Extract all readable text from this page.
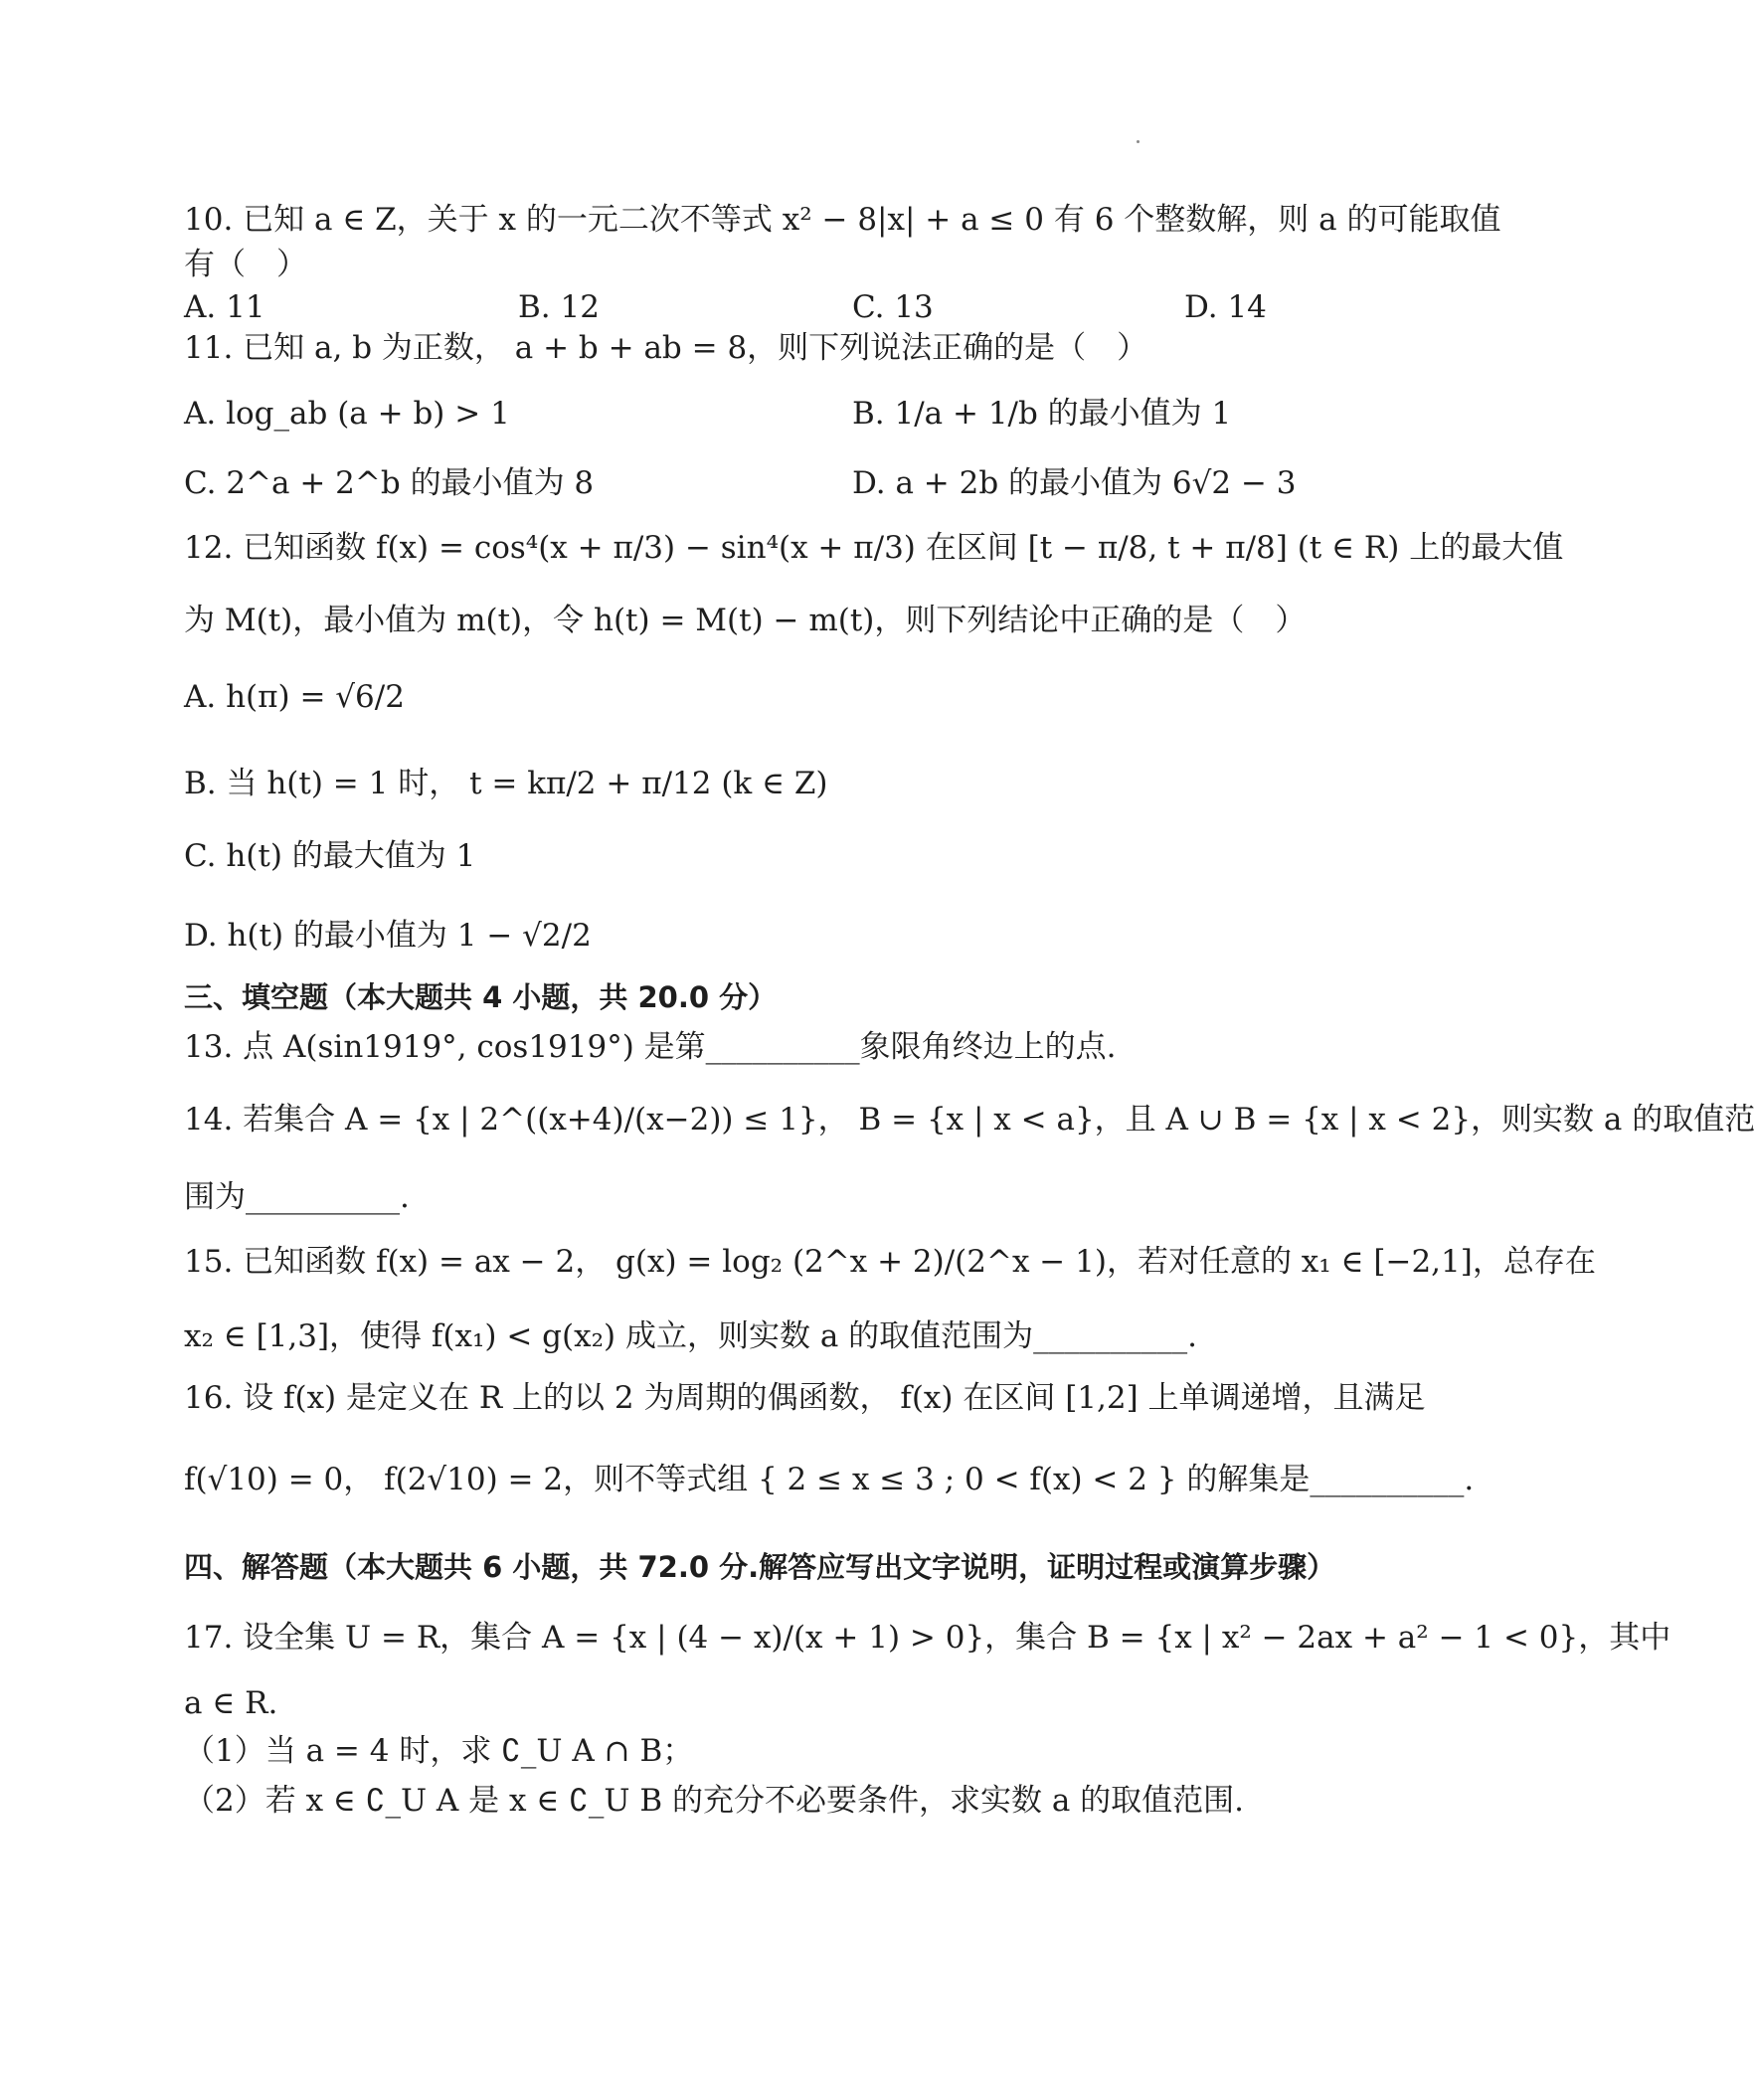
10. 已知 a ∈ Z，关于 x 的一元二次不等式 x² − 8|x| + a ≤ 0 有 6 个整数解，则 a 的可能取值
有（　）
A. 11	B. 12	C. 13	D. 14
11. 已知 a, b 为正数， a + b + ab = 8，则下列说法正确的是（　）
A. log_ab (a + b) > 1	B. 1/a + 1/b 的最小值为 1
C. 2^a + 2^b 的最小值为 8	D. a + 2b 的最小值为 6√2 − 3
12. 已知函数 f(x) = cos⁴(x + π/3) − sin⁴(x + π/3) 在区间 [t − π/8, t + π/8] (t ∈ R) 上的最大值
为 M(t)，最小值为 m(t)，令 h(t) = M(t) − m(t)，则下列结论中正确的是（　）
A. h(π) = √6/2
B. 当 h(t) = 1 时， t = kπ/2 + π/12 (k ∈ Z)
C. h(t) 的最大值为 1
D. h(t) 的最小值为 1 − √2/2
三、填空题（本大题共 4 小题，共 20.0 分）
13. 点 A(sin1919°, cos1919°) 是第__________象限角终边上的点.
14. 若集合 A = {x | 2^((x+4)/(x−2)) ≤ 1}， B = {x | x < a}，且 A ∪ B = {x | x < 2}，则实数 a 的取值范
围为__________.
15. 已知函数 f(x) = ax − 2， g(x) = log₂ (2^x + 2)/(2^x − 1)，若对任意的 x₁ ∈ [−2,1]，总存在
x₂ ∈ [1,3]，使得 f(x₁) < g(x₂) 成立，则实数 a 的取值范围为__________.
16. 设 f(x) 是定义在 R 上的以 2 为周期的偶函数， f(x) 在区间 [1,2] 上单调递增，且满足
f(√10) = 0， f(2√10) = 2，则不等式组 { 2 ≤ x ≤ 3 ; 0 < f(x) < 2 } 的解集是__________.
四、解答题（本大题共 6 小题，共 72.0 分.解答应写出文字说明，证明过程或演算步骤）
17. 设全集 U = R，集合 A = {x | (4 − x)/(x + 1) > 0}，集合 B = {x | x² − 2ax + a² − 1 < 0}，其中
a ∈ R.
（1）当 a = 4 时，求 ∁_U A ∩ B；
（2）若 x ∈ ∁_U A 是 x ∈ ∁_U B 的充分不必要条件，求实数 a 的取值范围.
